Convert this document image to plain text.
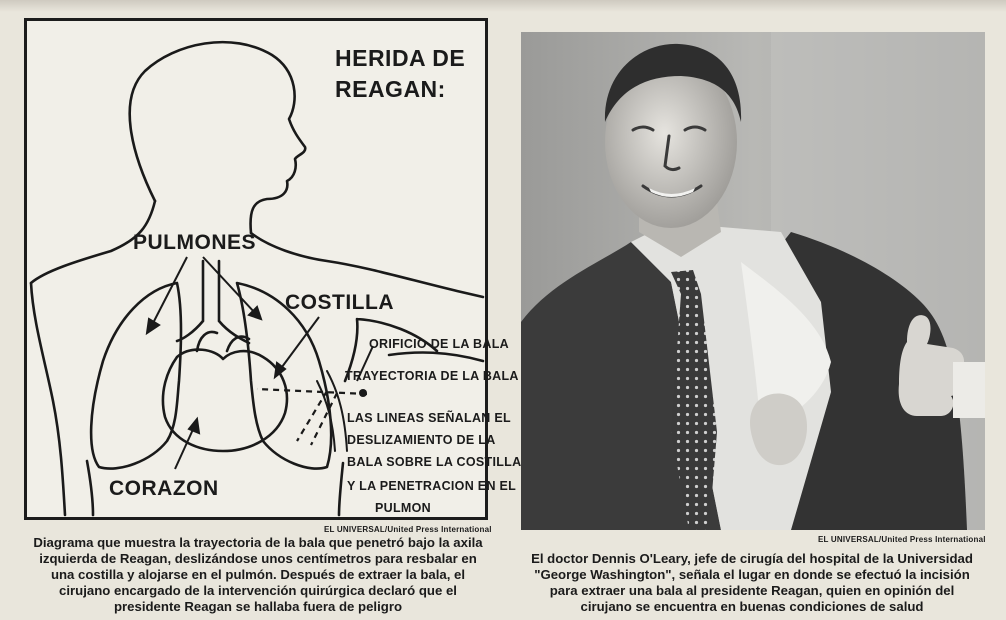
HERIDA DE
REAGAN:
PULMONES
COSTILLA
CORAZON
ORIFICIO DE LA BALA
TRAYECTORIA DE LA BALA
LAS LINEAS SEÑALAN EL
DESLIZAMIENTO DE LA
BALA SOBRE LA COSTILLA
Y LA PENETRACION EN EL
PULMON
EL UNIVERSAL/United Press International
Diagrama que muestra la trayectoria de la bala que penetró bajo la axila
izquierda de Reagan, deslizándose unos centímetros para resbalar en
una costilla y alojarse en el pulmón. Después de extraer la bala, el
cirujano encargado de la intervención quirúrgica declaró que el
presidente Reagan se hallaba fuera de peligro
EL UNIVERSAL/United Press International
El doctor Dennis O'Leary, jefe de cirugía del hospital de la Universidad
"George Washington", señala el lugar en donde se efectuó la incisión
para extraer una bala al presidente Reagan, quien en opinión del
cirujano se encuentra en buenas condiciones de salud
